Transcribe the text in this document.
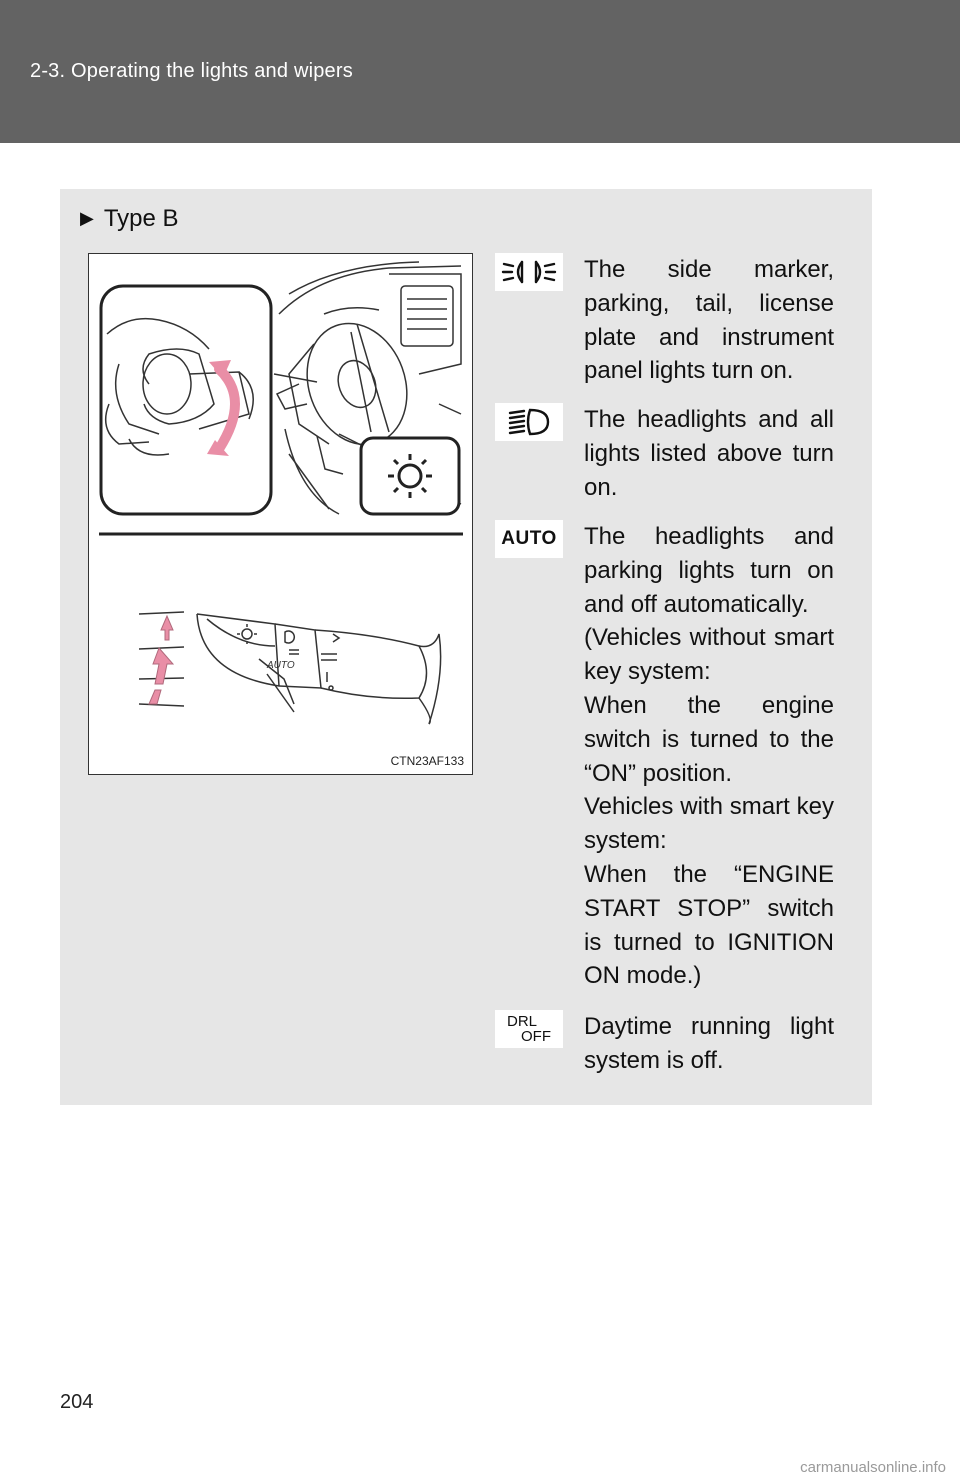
2-3. Operating the lights and wipers
▶ Type B
AUTO
CTN23AF133
The side marker, parking, tail, license plate and instrument panel lights turn on.
The headlights and all lights listed above turn on.
AUTO The headlights and parking lights turn on and off automatically.
(Vehicles without smart key system:
When the engine switch is turned to the “ON” position.
Vehicles with smart key system:
When the “ENGINE START STOP” switch is turned to IGNITION ON mode.)
DRL
OFF Daytime running light system is off.
204
carmanualsonline.info
